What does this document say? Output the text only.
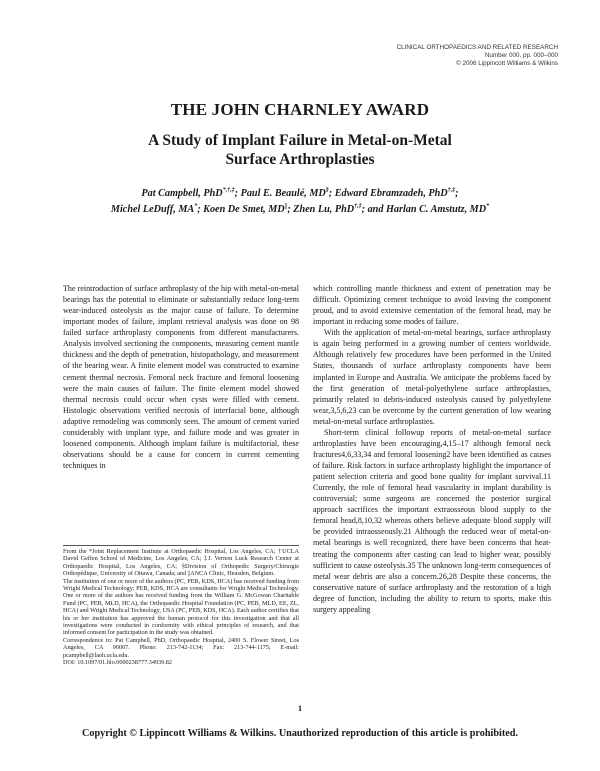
CLINICAL ORTHOPAEDICS AND RELATED RESEARCH
Number 000, pp. 000–000
© 2006 Lippincott Williams & Wilkins
THE JOHN CHARNLEY AWARD
A Study of Implant Failure in Metal-on-Metal
Surface Arthroplasties
Pat Campbell, PhD*,†,‡; Paul E. Beaulé, MD§; Edward Ebramzadeh, PhD†,‡;
Michel LeDuff, MA*; Koen De Smet, MD||; Zhen Lu, PhD†,‡; and Harlan C. Amstutz, MD*

The reintroduction of surface arthroplasty of the hip with metal-on-metal bearings has the potential to eliminate or substantially reduce long-term wear-induced osteolysis as the major cause of failure. To determine important modes of failure, implant retrieval analysis was done on 98 failed surface arthroplasty components from different manufacturers. Analysis involved sectioning the components, measuring cement mantle thickness and the depth of penetration, histopathology, and measurement of the bearing wear. A finite element model was constructed to examine cement thermal necrosis. Femoral neck fracture and femoral loosening were the main causes of failure. The finite element model showed thermal necrosis could occur when cysts were filled with cement. Histologic observations verified necrosis of interfacial bone, although adaptive remodeling was commonly seen. The amount of cement varied considerably with implant type, and failure mode and was greater in loosened components. Although implant failure is multifactorial, these observations should be a cause for concern in current cementing techniques in

which controlling mantle thickness and extent of penetration may be difficult. Optimizing cement technique to avoid leaving the component proud, and to avoid extensive cementation of the femoral head, may be important in reducing some modes of failure.

With the application of metal-on-metal bearings, surface arthroplasty is again being performed in a growing number of centers worldwide. Although relatively few procedures have been performed in the United States, thousands of surface arthroplasty components have been implanted in Europe and Australia. We anticipate the problems faced by the first generation of metal-polyethylene surface arthroplasties, primarily related to debris-induced osteolysis caused by polyethylene wear,3,5,6,23 can be overcome by the current generation of low wearing metal-on-metal surface arthroplasties.

Short-term clinical followup reports of metal-on-metal surface arthroplasties have been encouraging,4,15–17 although femoral neck fractures4,6,33,34 and femoral loosening2 have been identified as causes of failure. Risk factors in surface arthroplasty highlight the importance of patient selection criteria and good bone quality for implant survival.11 Currently, the role of femoral head vascularity in implant durability is controversial; some surgeons are concerned the posterior surgical approach sacrifices the important extraosseous blood supply to the femoral head,8,10,32 whereas others believe adequate blood supply will be provided intraosseously.21 Although the reduced wear of metal-on-metal bearings is well recognized, there have been concerns that heat-treating the components after casting can lead to higher wear, possibly sufficient to cause osteolysis.35 The unknown long-term consequences of metal wear debris are also a concern.26,28 Despite these concerns, the conservative nature of surface arthroplasty and the restoration of a high degree of function, including the ability to return to sports, make this surgery appealing

From the *Joint Replacement Institute at Orthopaedic Hospital, Los Angeles, CA; †UCLA David Geffen School of Medicine, Los Angeles, CA; ‡J. Vernon Luck Research Center at Orthopaedic Hospital, Los Angeles, CA; §Division of Orthopedic Surgery/Chirurgie Orthopédique, University of Ottawa, Canada; and ||ANCA Clinic, Heusden, Belgium.

The institution of one or more of the authors (PC, PEB, KDS, HCA) has received funding from Wright Medical Technology; PEB, KDS, HCA are consultants for Wright Medical Technology. One or more of the authors has received funding from the William G. McGowan Charitable Fund (PC, PEB, MLD, HCA), the Orthopaedic Hospital Foundation (PC, PEB, MLD, EE, ZL, HCA) and Wright Medical Technology, USA (PC, PEB, KDS, HCA). Each author certifies that his or her institution has approved the human protocol for this investigation and that all investigations were conducted in conformity with ethical principles of research, and that informed consent for participation in the study was obtained.

Correspondence to: Pat Campbell, PhD, Orthopaedic Hospital, 2400 S. Flower Street, Los Angeles, CA 90007. Phone: 213-742-1134; Fax: 213-744-1175; E-mail: pcampbell@laoh.ucla.edu.

DOI: 10.1097/01.blo.0000238777.34939.82

1
Copyright © Lippincott Williams & Wilkins. Unauthorized reproduction of this article is prohibited.
